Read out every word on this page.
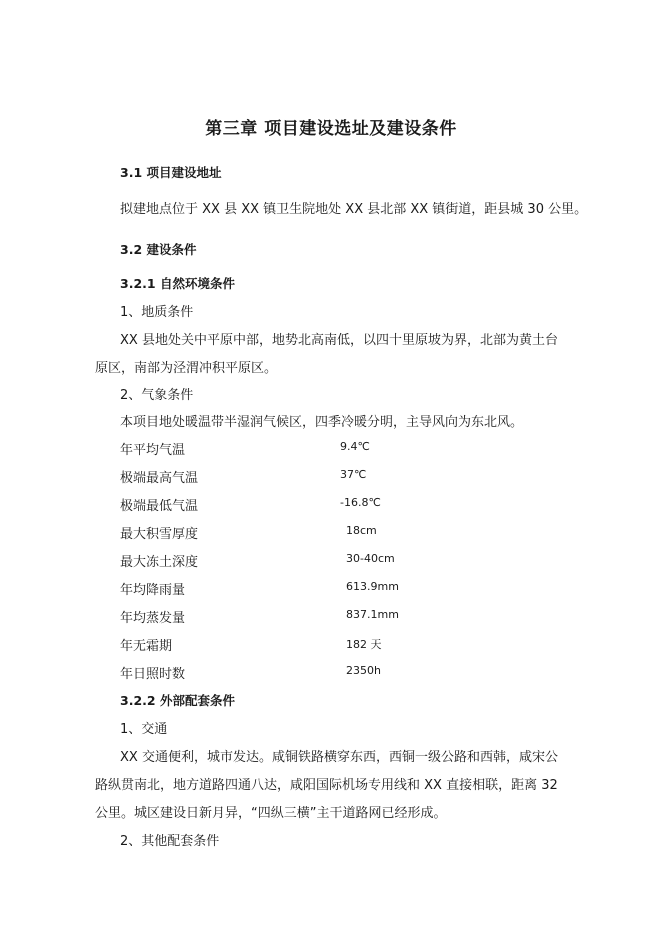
第三章 项目建设选址及建设条件
3.1 项目建设地址
拟建地点位于 XX 县 XX 镇卫生院地处 XX 县北部 XX 镇街道，距县城 30 公里。
3.2 建设条件
3.2.1 自然环境条件
1、地质条件
XX 县地处关中平原中部，地势北高南低，以四十里原坡为界，北部为黄土台
原区，南部为泾渭冲积平原区。
2、气象条件
本项目地处暖温带半湿润气候区，四季冷暖分明，主导风向为东北风。
年平均气温	9.4℃
极端最高气温	37℃
极端最低气温	-16.8℃
最大积雪厚度	18cm
最大冻土深度	30-40cm
年均降雨量	613.9mm
年均蒸发量	837.1mm
年无霜期	182 天
年日照时数	2350h
3.2.2 外部配套条件
1、交通
XX 交通便利，城市发达。咸铜铁路横穿东西，西铜一级公路和西韩，咸宋公
路纵贯南北，地方道路四通八达，咸阳国际机场专用线和 XX 直接相联，距离 32
公里。城区建设日新月异，“四纵三横”主干道路网已经形成。
2、其他配套条件
